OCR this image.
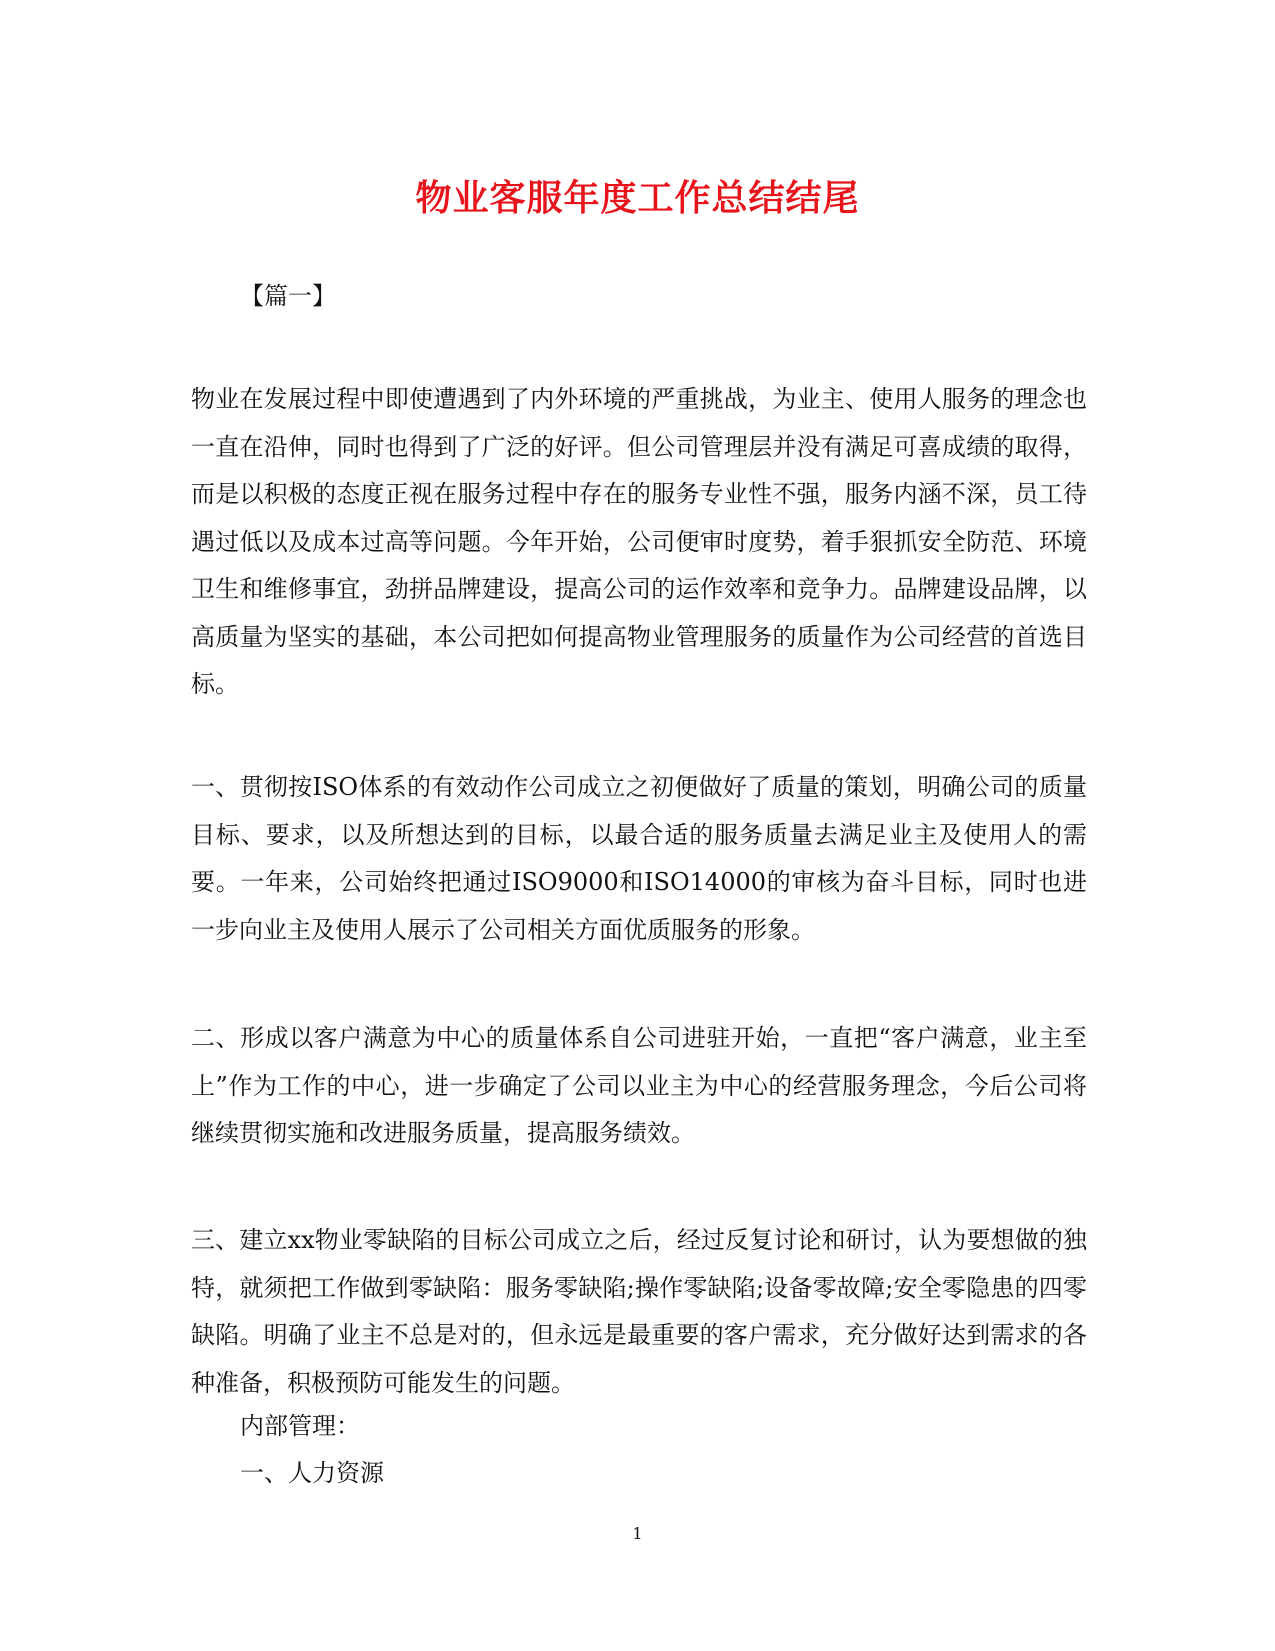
物业客服年度工作总结结尾
【篇一】

物业在发展过程中即使遭遇到了内外环境的严重挑战，为业主、使用人服务的理念也一直在沿伸，同时也得到了广泛的好评。但公司管理层并没有满足可喜成绩的取得，而是以积极的态度正视在服务过程中存在的服务专业性不强，服务内涵不深，员工待遇过低以及成本过高等问题。今年开始，公司便审时度势，着手狠抓安全防范、环境卫生和维修事宜，劲拼品牌建设，提高公司的运作效率和竞争力。品牌建设品牌，以高质量为坚实的基础，本公司把如何提高物业管理服务的质量作为公司经营的首选目标。

一、贯彻按ISO体系的有效动作公司成立之初便做好了质量的策划，明确公司的质量目标、要求，以及所想达到的目标，以最合适的服务质量去满足业主及使用人的需要。一年来，公司始终把通过ISO9000和ISO14000的审核为奋斗目标，同时也进一步向业主及使用人展示了公司相关方面优质服务的形象。

二、形成以客户满意为中心的质量体系自公司进驻开始，一直把“客户满意，业主至上”作为工作的中心，进一步确定了公司以业主为中心的经营服务理念，今后公司将继续贯彻实施和改进服务质量，提高服务绩效。

三、建立xx物业零缺陷的目标公司成立之后，经过反复讨论和研讨，认为要想做的独特，就须把工作做到零缺陷：服务零缺陷;操作零缺陷;设备零故障;安全零隐患的四零缺陷。明确了业主不总是对的，但永远是最重要的客户需求，充分做好达到需求的各种准备，积极预防可能发生的问题。

内部管理：
一、人力资源
1
